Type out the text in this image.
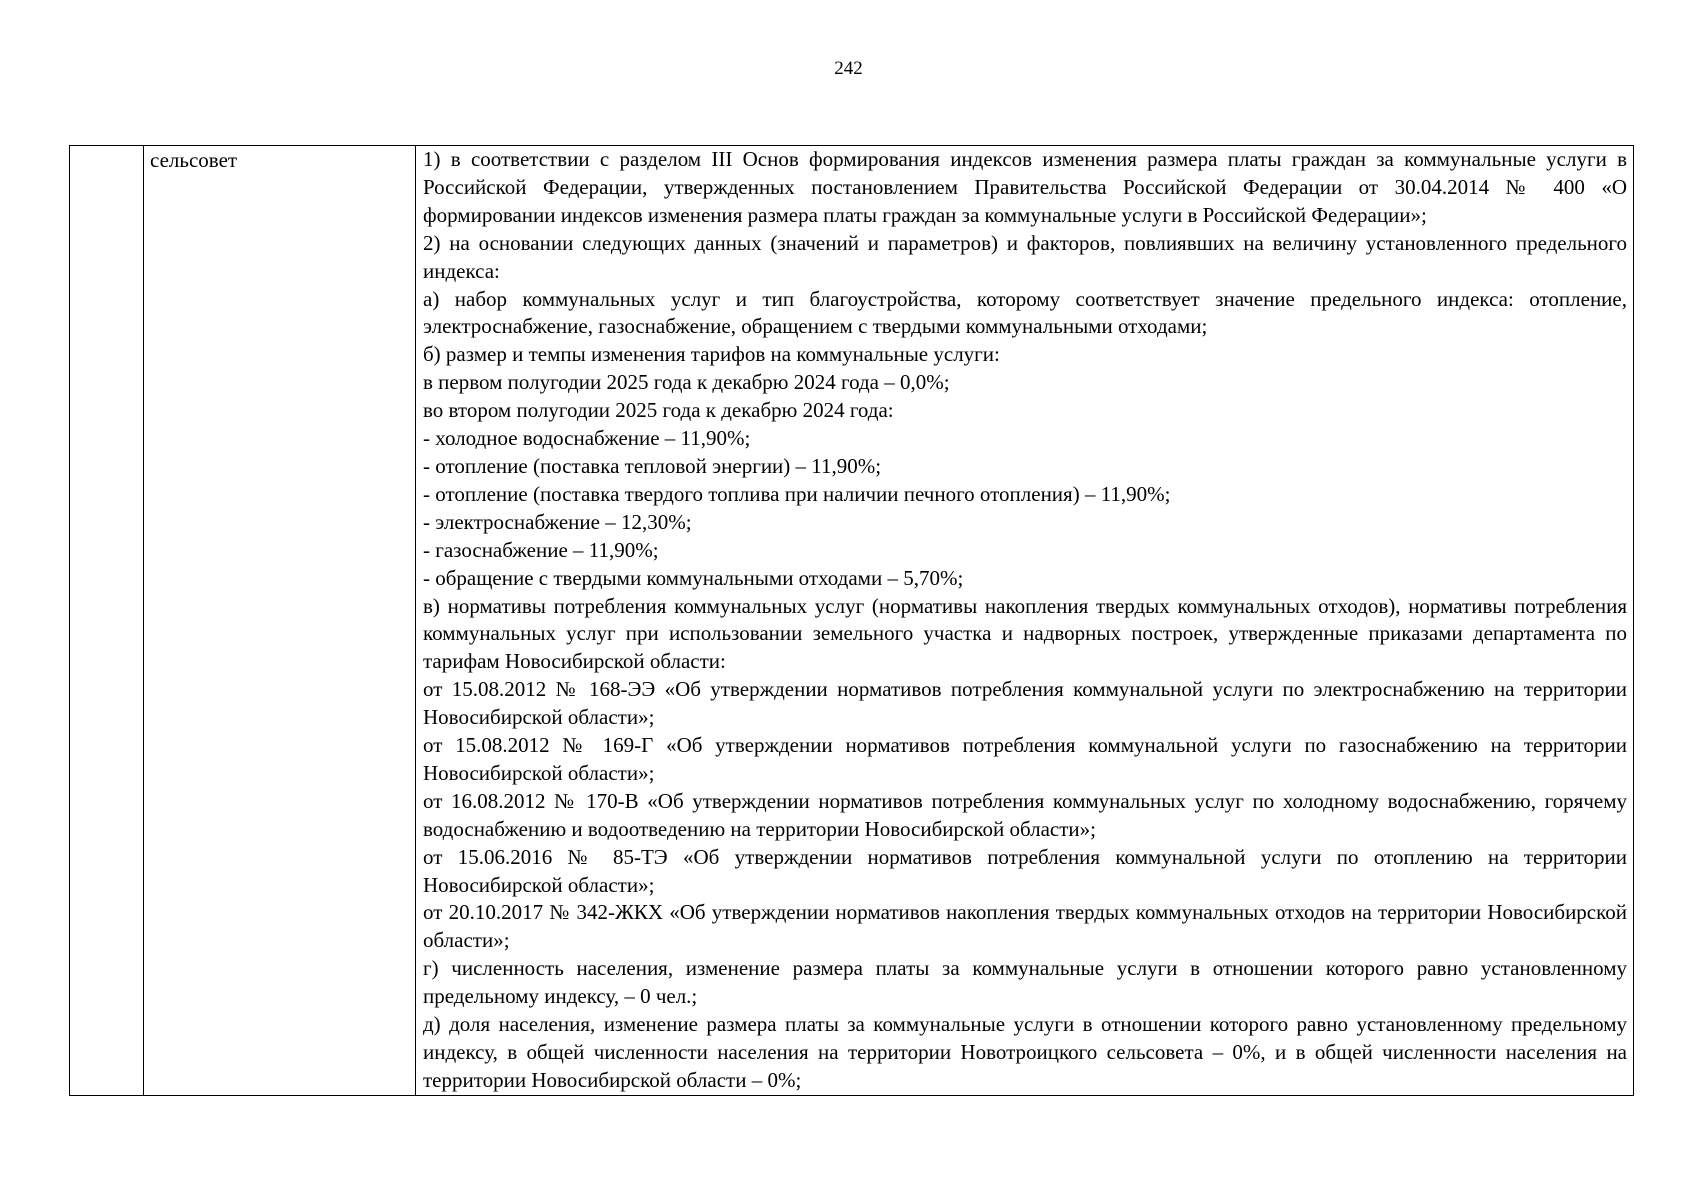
242
	сельсовет	1) в соответствии с разделом III Основ формирования индексов изменения размера платы граждан за коммунальные услуги в Российской Федерации, утвержденных постановлением Правительства Российской Федерации от 30.04.2014 № 400 «О формировании индексов изменения размера платы граждан за коммунальные услуги в Российской Федерации»;

2) на основании следующих данных (значений и параметров) и факторов, повлиявших на величину установленного предельного индекса:

а) набор коммунальных услуг и тип благоустройства, которому соответствует значение предельного индекса: отопление, электроснабжение, газоснабжение, обращением с твердыми коммунальными отходами;

б) размер и темпы изменения тарифов на коммунальные услуги:

в первом полугодии 2025 года к декабрю 2024 года – 0,0%;

во втором полугодии 2025 года к декабрю 2024 года:

- холодное водоснабжение – 11,90%;

- отопление (поставка тепловой энергии) – 11,90%;

- отопление (поставка твердого топлива при наличии печного отопления) – 11,90%;

- электроснабжение – 12,30%;

- газоснабжение – 11,90%;

- обращение с твердыми коммунальными отходами – 5,70%;

в) нормативы потребления коммунальных услуг (нормативы накопления твердых коммунальных отходов), нормативы потребления коммунальных услуг при использовании земельного участка и надворных построек, утвержденные приказами департамента по тарифам Новосибирской области:

от 15.08.2012 № 168-ЭЭ «Об утверждении нормативов потребления коммунальной услуги по электроснабжению на территории Новосибирской области»;

от 15.08.2012 № 169-Г «Об утверждении нормативов потребления коммунальной услуги по газоснабжению на территории Новосибирской области»;

от 16.08.2012 № 170-В «Об утверждении нормативов потребления коммунальных услуг по холодному водоснабжению, горячему водоснабжению и водоотведению на территории Новосибирской области»;

от 15.06.2016 № 85-ТЭ «Об утверждении нормативов потребления коммунальной услуги по отоплению на территории Новосибирской области»;

от 20.10.2017 № 342-ЖКХ «Об утверждении нормативов накопления твердых коммунальных отходов на территории Новосибирской области»;

г) численность населения, изменение размера платы за коммунальные услуги в отношении которого равно установленному предельному индексу, – 0 чел.;

д) доля населения, изменение размера платы за коммунальные услуги в отношении которого равно установленному предельному индексу, в общей численности населения на территории Новотроицкого сельсовета – 0%, и в общей численности населения на территории Новосибирской области – 0%;
